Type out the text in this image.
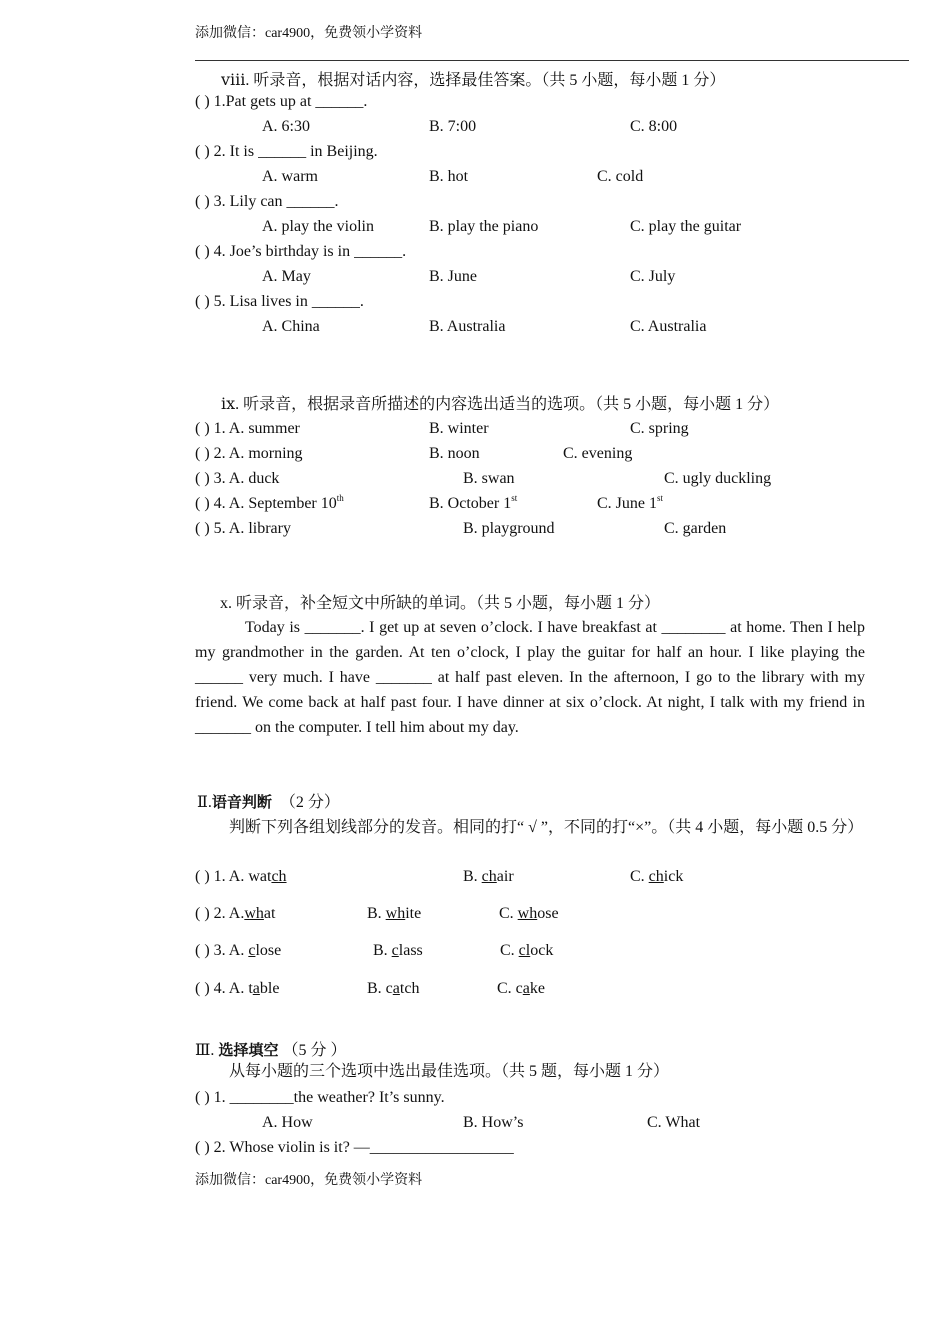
添加微信：car4900，免费领小学资料
ⅷ. 听录音，根据对话内容，选择最佳答案。（共 5 小题，每小题 1 分）
( ) 1.Pat gets up at ______.
A. 6:30	B. 7:00	C. 8:00
( ) 2. It is ______ in Beijing.
A. warm	B. hot	C. cold
( ) 3. Lily can ______.
A. play the violin	B. play the piano	C. play the guitar
( ) 4. Joe’s birthday is in ______.
A. May	B. June	C. July
( ) 5. Lisa lives in ______.
A. China	B. Australia	C. Australia
ⅸ. 听录音，根据录音所描述的内容选出适当的选项。（共 5 小题，每小题 1 分）
( ) 1. A. summer	B. winter	C. spring
( ) 2. A. morning	B. noon	C. evening
( ) 3. A. duck	B. swan	C. ugly duckling
( ) 4. A. September 10th	B. October 1st	C. June 1st
( ) 5. A. library	B. playground	C. garden
x. 听录音，补全短文中所缺的单词。（共 5 小题，每小题 1 分）
Today is _______. I get up at seven o’clock. I have breakfast at ________ at home. Then I help my grandmother in the garden. At ten o’clock, I play the guitar for half an hour. I like playing the ______ very much. I have _______ at half past eleven. In the afternoon, I go to the library with my friend. We come back at half past four. I have dinner at six o’clock. At night, I talk with my friend in _______ on the computer. I tell him about my day.
Ⅱ.语音判断 （2 分）
判断下列各组划线部分的发音。相同的打“ √ ”，不同的打“×”。（共 4 小题，每小题 0.5 分）
( ) 1. A. watch	B. chair	C. chick
( ) 2. A.what	B. white	C. whose
( ) 3. A. close	B. class	C. clock
( ) 4. A. table	B. catch	C. cake
Ⅲ. 选择填空 （5 分 ）
从每小题的三个选项中选出最佳选项。（共 5 题，每小题 1 分）
( ) 1. ________the weather? It’s sunny.
A. How	B. How’s	C. What
( ) 2. Whose violin is it? —__________________
添加微信：car4900，免费领小学资料
